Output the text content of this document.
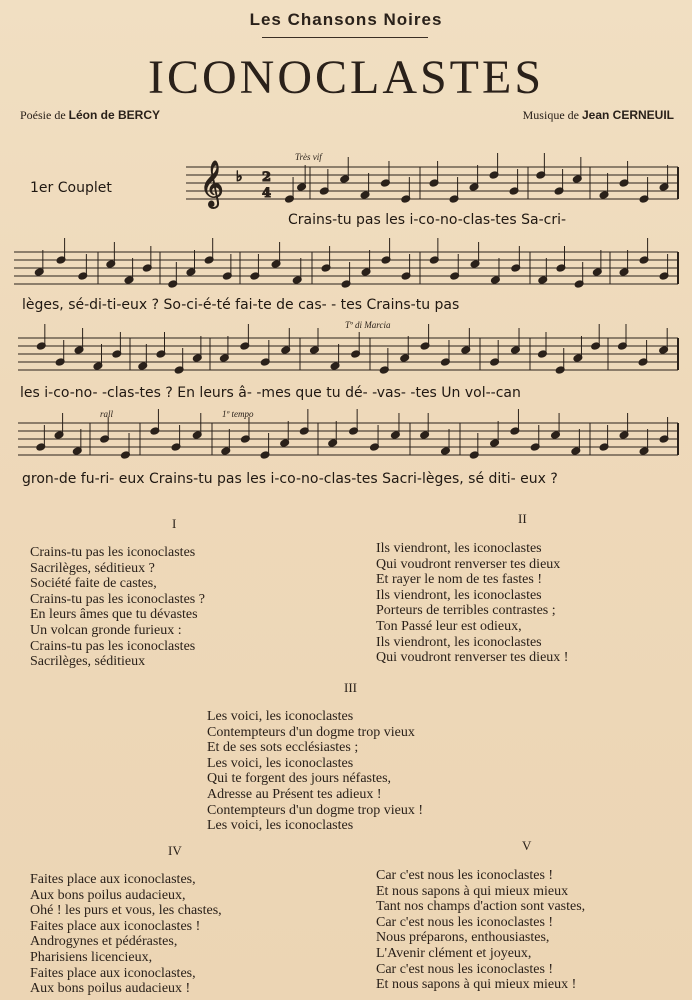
Les Chansons Noires
ICONOCLASTES
Poésie de Léon de BERCY	Musique de Jean CERNEUIL
𝄞	2
4
♭
1er Couplet
Très vif
Tº di Marcia
rall	1º tempo
Crains-tu pas les i-co-no-clas-tes Sa-cri-
lèges, sé-di-ti-eux ? So-ci-é-té fai-te de cas- - tes Crains-tu pas
les i-co-no- -clas-tes ? En leurs â- -mes que tu dé- -vas- -tes Un vol--can
gron-de fu-ri- eux Crains-tu pas les i-co-no-clas-tes Sacri-lèges, sé diti- eux ?
I
Crains-tu pas les iconoclastes
Sacrilèges, séditieux ?
Société faite de castes,
Crains-tu pas les iconoclastes ?
En leurs âmes que tu dévastes
Un volcan gronde furieux :
Crains-tu pas les iconoclastes
Sacrilèges, séditieux
II
Ils viendront, les iconoclastes
Qui voudront renverser tes dieux
Et rayer le nom de tes fastes !
Ils viendront, les iconoclastes
Porteurs de terribles contrastes ;
Ton Passé leur est odieux,
Ils viendront, les iconoclastes
Qui voudront renverser tes dieux !
III
Les voici, les iconoclastes
Contempteurs d'un dogme trop vieux
Et de ses sots ecclésiastes ;
Les voici, les iconoclastes
Qui te forgent des jours néfastes,
Adresse au Présent tes adieux !
Contempteurs d'un dogme trop vieux !
Les voici, les iconoclastes
IV
Faites place aux iconoclastes,
Aux bons poilus audacieux,
Ohé ! les purs et vous, les chastes,
Faites place aux iconoclastes !
Androgynes et pédérastes,
Pharisiens licencieux,
Faites place aux iconoclastes,
Aux bons poilus audacieux !
V
Car c'est nous les iconoclastes !
Et nous sapons à qui mieux mieux
Tant nos champs d'action sont vastes,
Car c'est nous les iconoclastes !
Nous préparons, enthousiastes,
L'Avenir clément et joyeux,
Car c'est nous les iconoclastes !
Et nous sapons à qui mieux mieux !
